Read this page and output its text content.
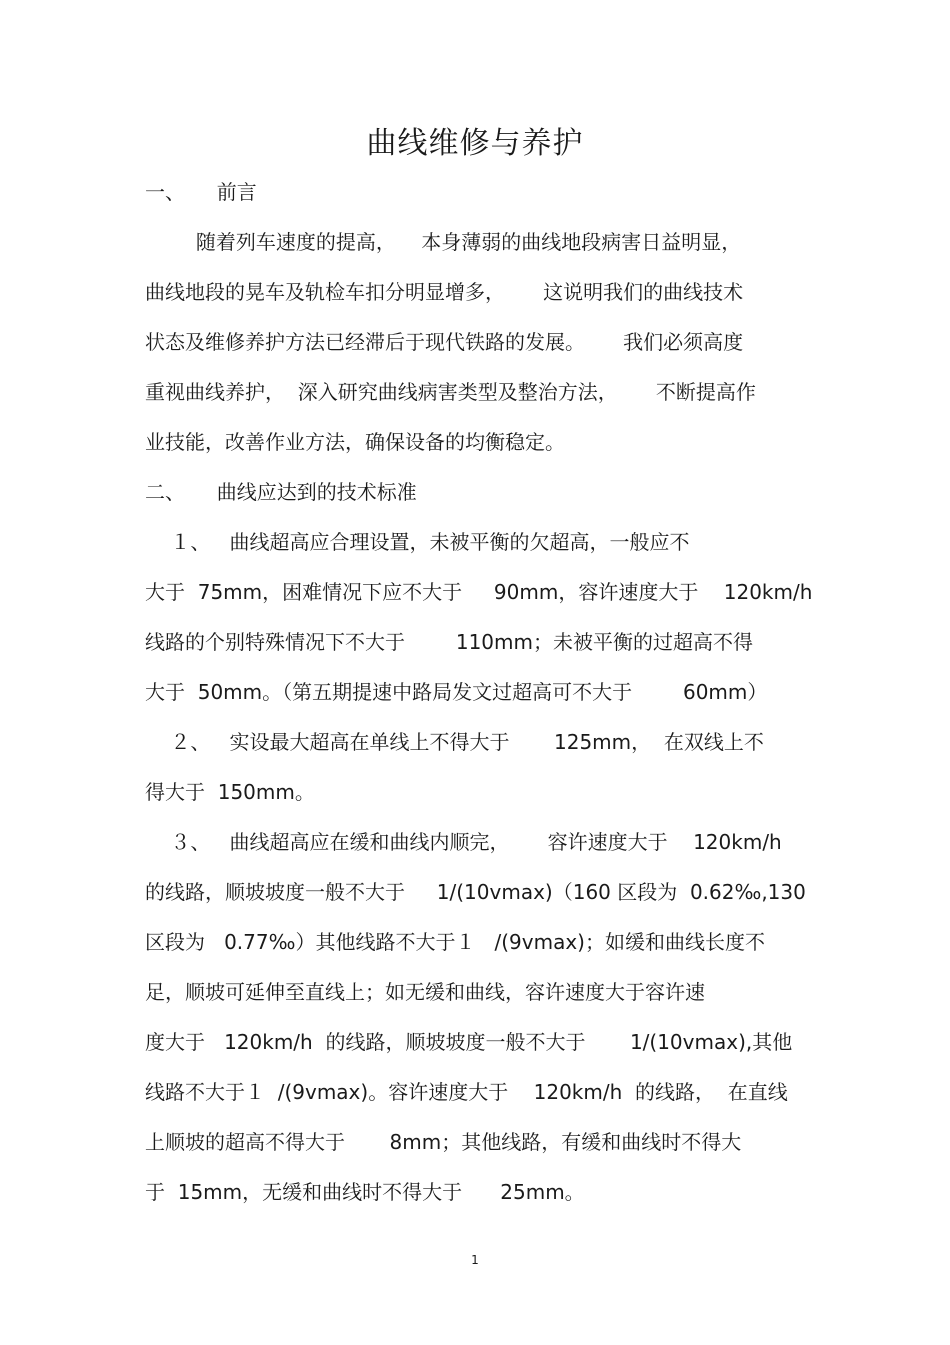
曲线维修与养护
一、     前言
随着列车速度的提高，    本身薄弱的曲线地段病害日益明显，
曲线地段的晃车及轨检车扣分明显增多，      这说明我们的曲线技术
状态及维修养护方法已经滞后于现代铁路的发展。      我们必须高度
重视曲线养护，  深入研究曲线病害类型及整治方法，      不断提高作
业技能，改善作业方法，确保设备的均衡稳定。
二、     曲线应达到的技术标准
１、   曲线超高应合理设置，未被平衡的欠超高，一般应不
大于  75mm，困难情况下应不大于     90mm，容许速度大于    120km/h
线路的个别特殊情况下不大于        110mm；未被平衡的过超高不得
大于  50mm。（第五期提速中路局发文过超高可不大于        60mm）
２、   实设最大超高在单线上不得大于       125mm，  在双线上不
得大于  150mm。
３、   曲线超高应在缓和曲线内顺完，      容许速度大于    120km/h
的线路，顺坡坡度一般不大于     1/(10vmax)（160 区段为  0.62‰,130
区段为   0.77‰）其他线路不大于１   /(9vmax)；如缓和曲线长度不
足，顺坡可延伸至直线上；如无缓和曲线，容许速度大于容许速
度大于   120km/h  的线路，顺坡坡度一般不大于       1/(10vmax),其他
线路不大于１  /(9vmax)。容许速度大于    120km/h  的线路，  在直线
上顺坡的超高不得大于       8mm；其他线路，有缓和曲线时不得大
于  15mm，无缓和曲线时不得大于      25mm。
1
